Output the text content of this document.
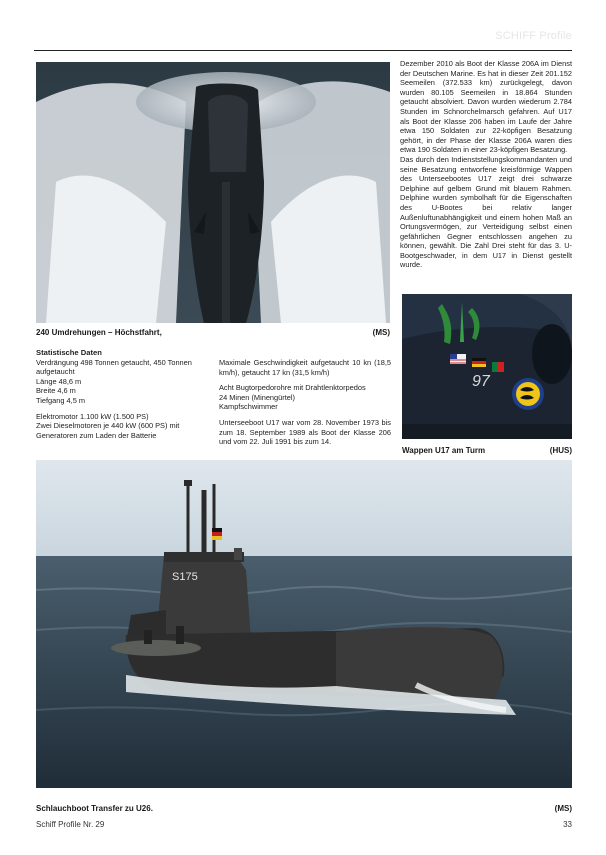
SCHIFF Profile
240 Umdrehungen – Höchstfahrt,	(MS)

Dezember 2010 als Boot der Klasse 206A im Dienst der Deutschen Marine. Es hat in dieser Zeit 201.152 Seemeilen (372.533 km) zurückgelegt, davon wurden 80.105 Seemeilen in 18.864 Stunden getaucht absolviert. Davon wurden wiederum 2.784 Stunden im Schnorchelmarsch gefahren. Auf U17 als Boot der Klasse 206 haben im Laufe der Jahre etwa 150 Soldaten zur 22-köpfigen Besatzung gehört, in der Phase der Klasse 206A waren dies etwa 190 Soldaten in einer 23-köpfigen Besatzung.

Das durch den Indienststellungskommandanten und seine Besatzung entworfene kreisförmige Wappen des Unterseebootes U17 zeigt drei schwarze Delphine auf gelbem Grund mit blauem Rahmen. Delphine wurden symbolhaft für die Eigenschaften des U-Bootes bei relativ langer Außenluftunabhängigkeit und einem hohen Maß an Ortungsvermögen, zur Verteidigung selbst einen gefährlichen Gegner entschlossen angehen zu können, gewählt. Die Zahl Drei steht für das 3. U-Bootgeschwader, in dem U17 in Dienst gestellt wurde.

97
Wappen U17 am Turm	(HUS)

Statistische Daten

Verdrängung 498 Tonnen getaucht, 450 Tonnen aufgetaucht

Länge 48,6 m

Breite 4,6 m

Tiefgang 4,5 m

Elektromotor 1.100 kW (1.500 PS)

Zwei Dieselmotoren je 440 kW (600 PS) mit Generatoren zum Laden der Batterie

Maximale Geschwindigkeit aufgetaucht 10 kn (18,5 km/h), getaucht 17 kn (31,5 km/h)

Acht Bugtorpedorohre mit Drahtlenktorpedos

24 Minen (Minengürtel)

Kampfschwimmer

Unterseeboot U17 war vom 28. November 1973 bis zum 18. September 1989 als Boot der Klasse 206 und vom 22. Juli 1991 bis zum 14.

S175
Schlauchboot Transfer zu U26.	(MS)
Schiff Profile Nr. 29	33
